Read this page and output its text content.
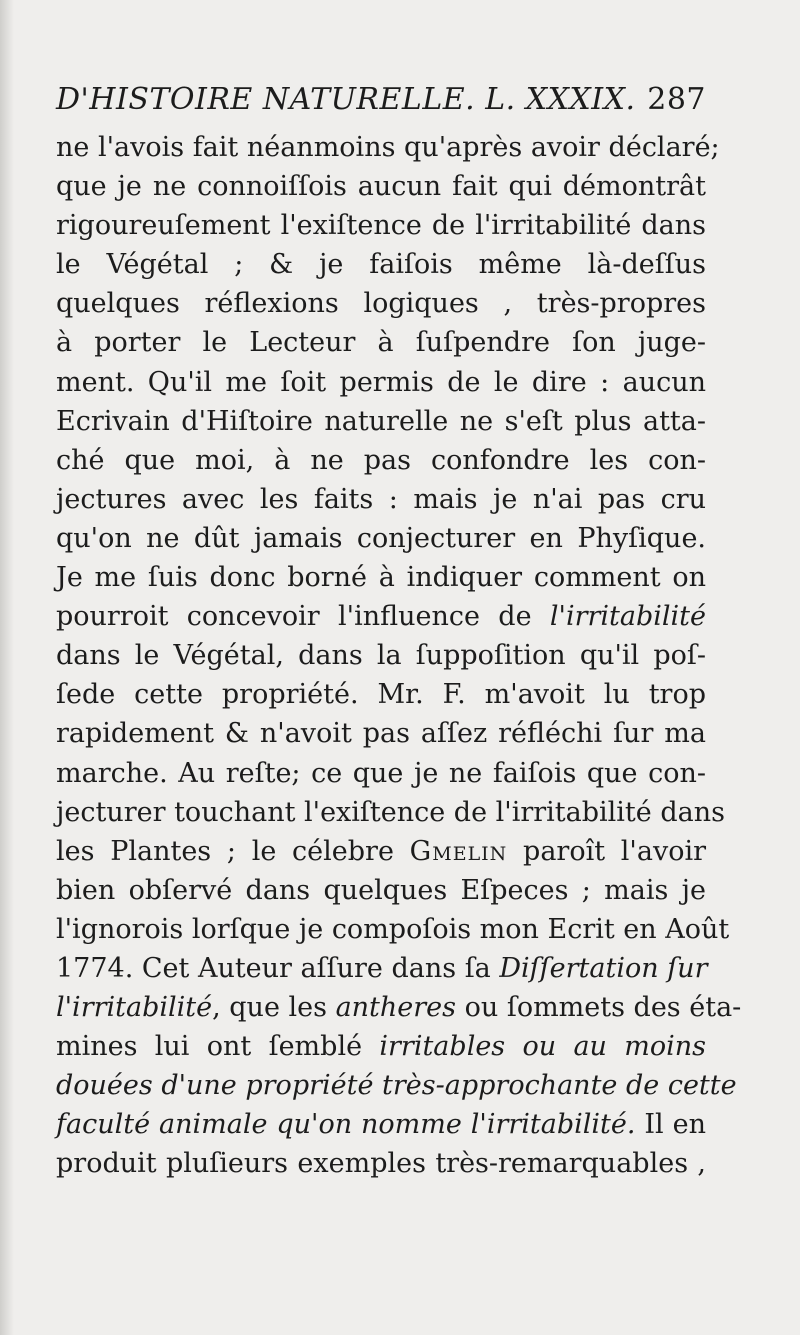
D'HISTOIRE NATURELLE. L. XXXIX. 287
ne l'avois fait néanmoins qu'après avoir déclaré;
que je ne connoiſſois aucun fait qui démontrât
rigoureuſement l'exiſtence de l'irritabilité dans
le Végétal ; & je faiſois même là-deſſus
quelques réflexions logiques , très-propres
à porter le Lecteur à ſuſpendre ſon juge-
ment. Qu'il me ſoit permis de le dire : aucun
Ecrivain d'Hiſtoire naturelle ne s'eſt plus atta-
ché que moi, à ne pas confondre les con-
jectures avec les faits : mais je n'ai pas cru
qu'on ne dût jamais conjecturer en Phyſique.
Je me ſuis donc borné à indiquer comment on
pourroit concevoir l'influence de l'irritabilité
dans le Végétal, dans la ſuppoſition qu'il poſ-
ſede cette propriété. Mr. F. m'avoit lu trop
rapidement & n'avoit pas aſſez réfléchi ſur ma
marche. Au reſte; ce que je ne faiſois que con-
jecturer touchant l'exiſtence de l'irritabilité dans
les Plantes ; le célebre Gmelin paroît l'avoir
bien obſervé dans quelques Eſpeces ; mais je
l'ignorois lorſque je compoſois mon Ecrit en Août
1774. Cet Auteur aſſure dans ſa Diſſertation ſur
l'irritabilité, que les antheres ou ſommets des éta-
mines lui ont ſemblé irritables ou au moins
douées d'une propriété très-approchante de cette
faculté animale qu'on nomme l'irritabilité. Il en
produit pluſieurs exemples très-remarquables ,
